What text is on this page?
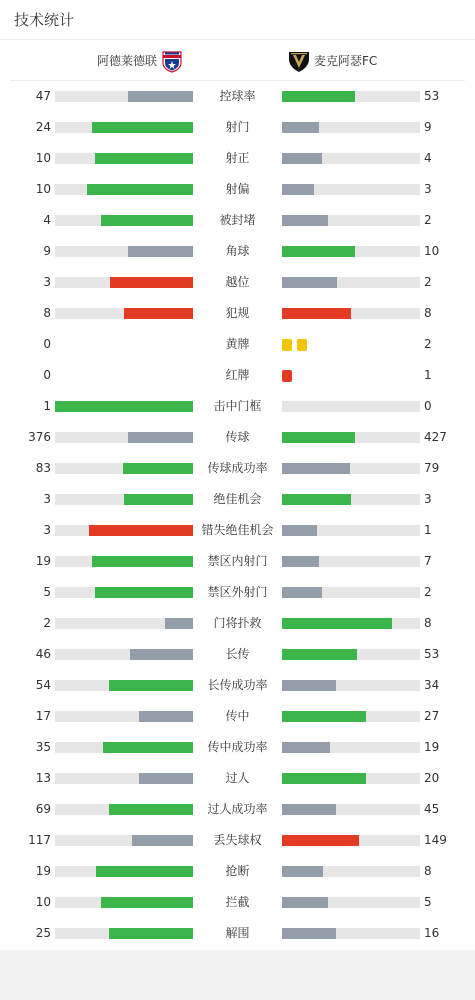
技术统计
阿德莱德联	麦克阿瑟FC
47	控球率	53
24	射门	9
10	射正	4
10	射偏	3
4	被封堵	2
9	角球	10
3	越位	2
8	犯规	8
0	黄牌	2
0	红牌	1
1	击中门框	0
376	传球	427
83	传球成功率	79
3	绝佳机会	3
3	错失绝佳机会	1
19	禁区内射门	7
5	禁区外射门	2
2	门将扑救	8
46	长传	53
54	长传成功率	34
17	传中	27
35	传中成功率	19
13	过人	20
69	过人成功率	45
117	丢失球权	149
19	抢断	8
10	拦截	5
25	解围	16
